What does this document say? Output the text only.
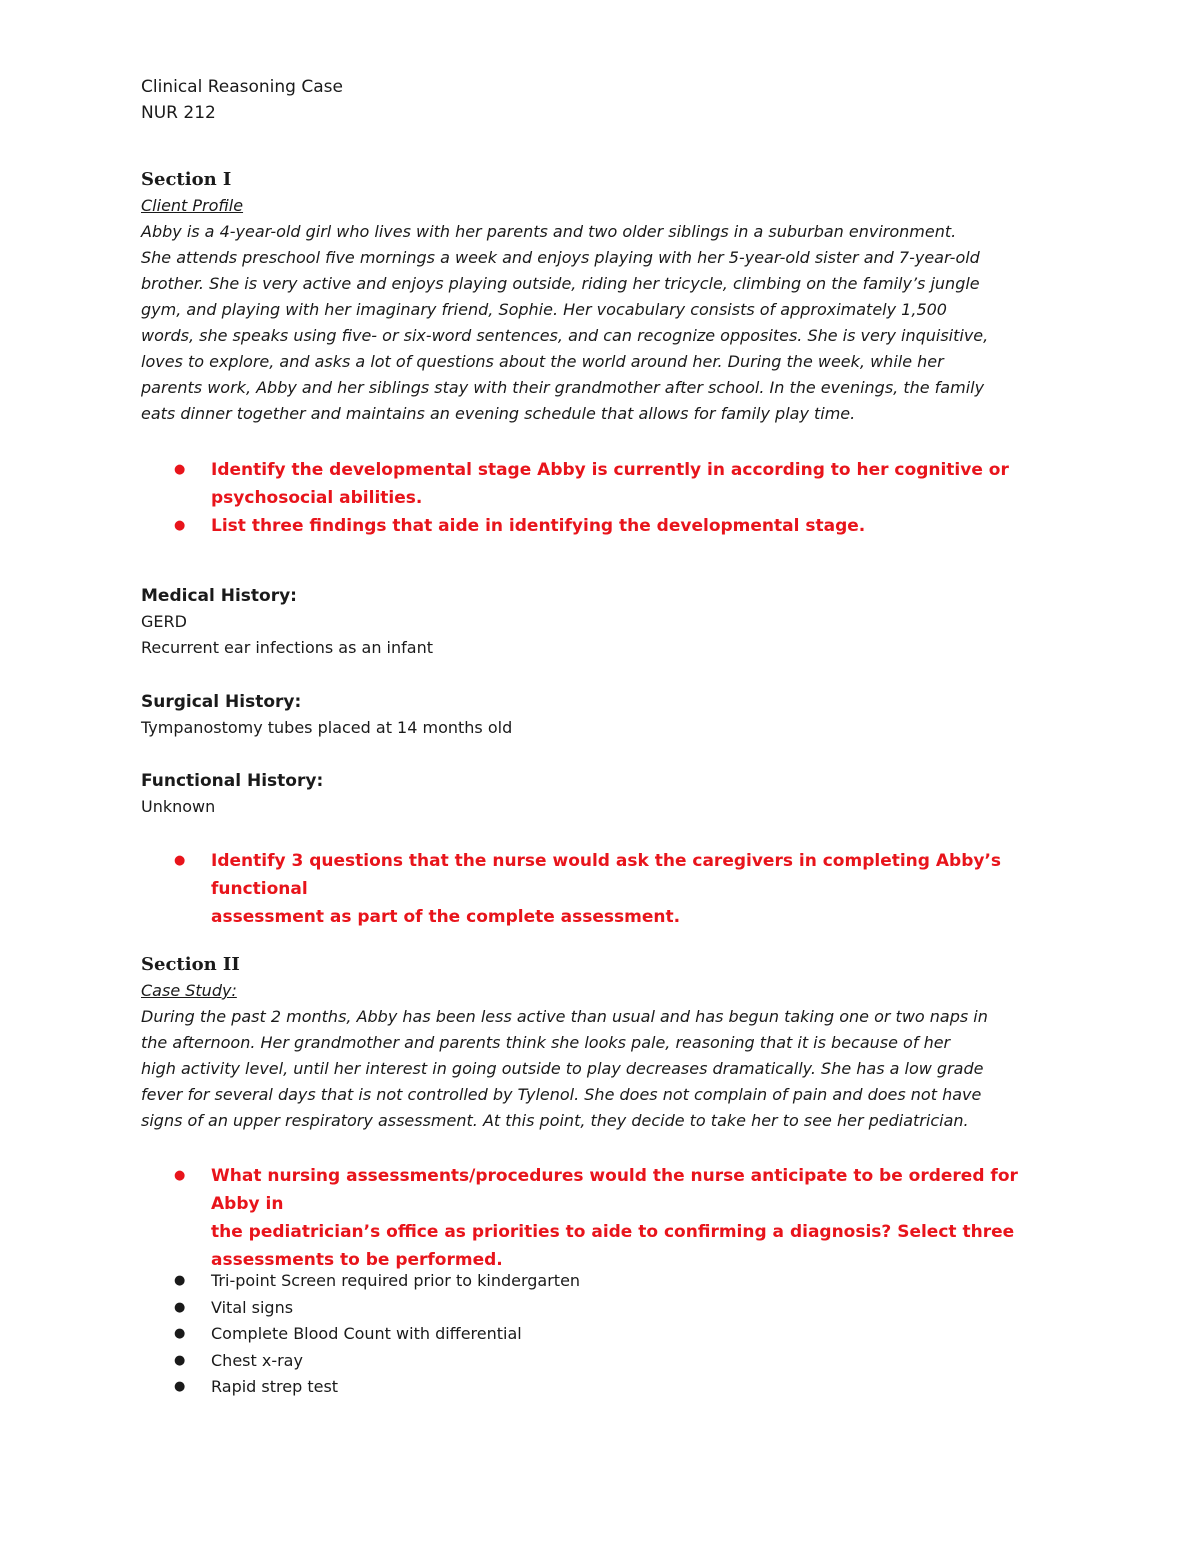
Clinical Reasoning Case
NUR 212
Section I
Client Profile
Abby is a 4-year-old girl who lives with her parents and two older siblings in a suburban environment.
She attends preschool five mornings a week and enjoys playing with her 5-year-old sister and 7-year-old
brother. She is very active and enjoys playing outside, riding her tricycle, climbing on the family’s jungle
gym, and playing with her imaginary friend, Sophie. Her vocabulary consists of approximately 1,500
words, she speaks using five- or six-word sentences, and can recognize opposites. She is very inquisitive,
loves to explore, and asks a lot of questions about the world around her. During the week, while her
parents work, Abby and her siblings stay with their grandmother after school. In the evenings, the family
eats dinner together and maintains an evening schedule that allows for family play time.
● Identify the developmental stage Abby is currently in according to her cognitive or
psychosocial abilities.
● List three findings that aide in identifying the developmental stage.
Medical History:
GERD
Recurrent ear infections as an infant
Surgical History:
Tympanostomy tubes placed at 14 months old
Functional History:
Unknown
● Identify 3 questions that the nurse would ask the caregivers in completing Abby’s functional
assessment as part of the complete assessment.
Section II
Case Study:
During the past 2 months, Abby has been less active than usual and has begun taking one or two naps in
the afternoon. Her grandmother and parents think she looks pale, reasoning that it is because of her
high activity level, until her interest in going outside to play decreases dramatically. She has a low grade
fever for several days that is not controlled by Tylenol. She does not complain of pain and does not have
signs of an upper respiratory assessment. At this point, they decide to take her to see her pediatrician.
● What nursing assessments/procedures would the nurse anticipate to be ordered for Abby in
the pediatrician’s office as priorities to aide to confirming a diagnosis? Select three
assessments to be performed.
● Tri-point Screen required prior to kindergarten
● Vital signs
● Complete Blood Count with differential
● Chest x-ray
● Rapid strep test
